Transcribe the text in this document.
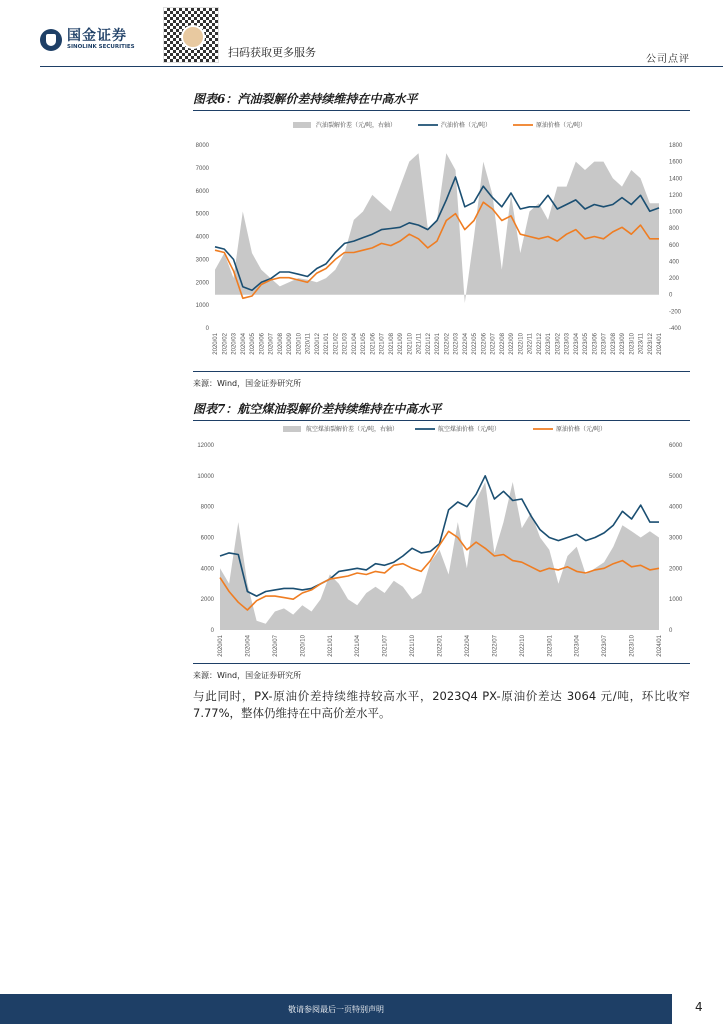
国金证券
SINOLINK SECURITIES	扫码获取更多服务
公司点评
图表6：汽油裂解价差持续维持在中高水平
0
1000
2000
3000
4000
5000
6000
7000
8000
-400
-200
0
200
400
600
800
1000
1200
1400
1600
1800
2020/01 2020/02 2020/03 2020/04 2020/05 2020/06 2020/07 2020/08 2020/09 2020/10 2020/11 2020/12 2021/01 2021/02 2021/03 2021/04 2021/05 2021/06 2021/07 2021/08 2021/09 2021/10 2021/11 2021/12 2022/01 2022/02 2022/03 2022/04 2022/05 2022/06 2022/07 2022/08 2022/09 2022/10 2022/11 2022/12 2023/01 2023/02 2023/03 2023/04 2023/05 2023/06 2023/07 2023/08 2023/09 2023/10 2023/11 2023/12 2024/01
汽油裂解价差（元/吨，右轴）	汽油价格（元/吨）	原油价格（元/吨）
来源：Wind，国金证券研究所
图表7：航空煤油裂解价差持续维持在中高水平
0
2000
4000
6000
8000
10000
12000
0
1000
2000
3000
4000
5000
6000
2020/01	2020/04	2020/07	2020/10	2021/01	2021/04	2021/07	2021/10	2022/01	2022/04	2022/07	2022/10	2023/01	2023/04	2023/07	2023/10	2024/01
航空煤油裂解价差（元/吨，右轴）	航空煤油价格（元/吨）	原油价格（元/吨）
来源：Wind，国金证券研究所
与此同时，PX-原油价差持续维持较高水平，2023Q4 PX-原油价差达 3064 元/吨，环比收窄 7.77%，整体仍维持在中高价差水平。
敬请参阅最后一页特别声明	4
